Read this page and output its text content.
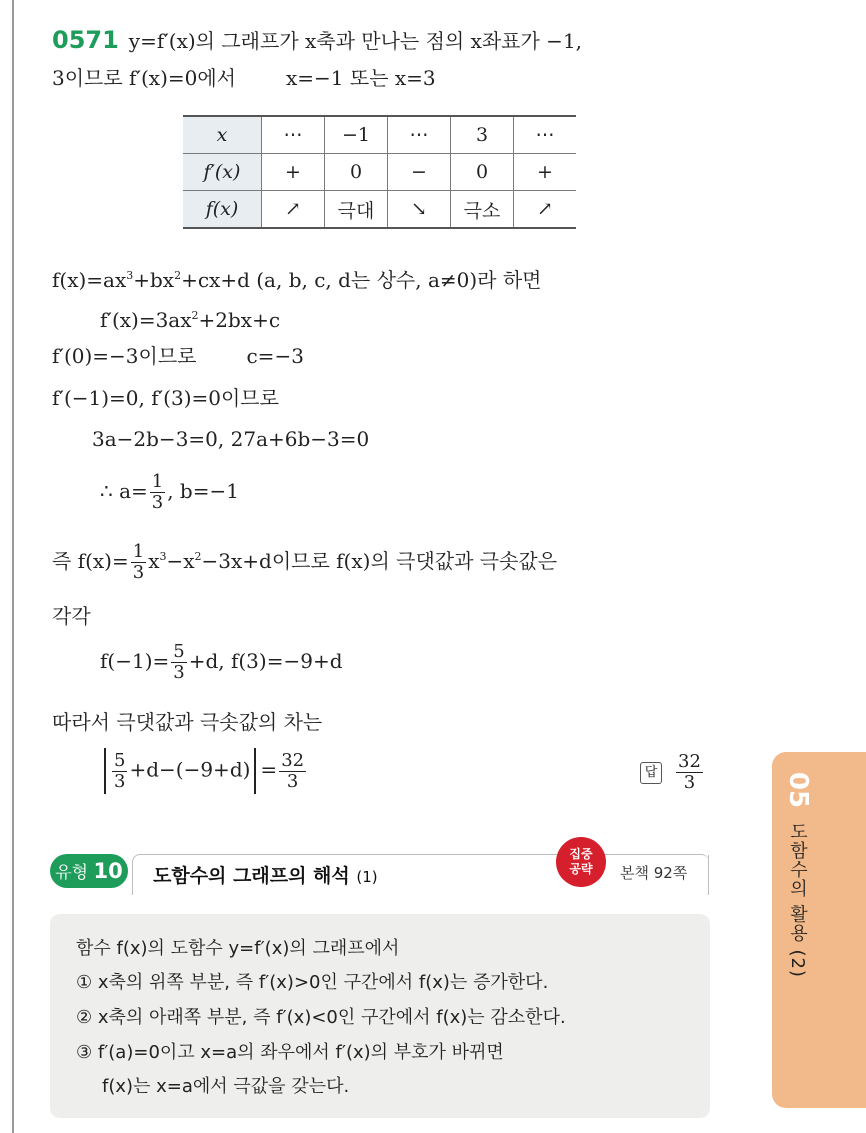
0571 y=f′(x)의 그래프가 x축과 만나는 점의 x좌표가 −1,
3이므로 f′(x)=0에서	x=−1 또는 x=3
x	⋯	−1	⋯	3	⋯
f′(x)	+	0	−	0	+
f(x)	↗	극대	↘	극소	↗
$f(x)=ax^3+bx^2+cx+d$ (a, b, c, d는 상수, a≠0)라 하면
$f'(x)=3ax^2+2bx+c$
f′(0)=−3이므로	c=−3
f′(−1)=0, f′(3)=0이므로
3a−2b−3=0, 27a+6b−3=0
∴ $a= \frac{1}{3}$ , b=−1
즉 $f(x)= \frac{1}{3} x^3-x^2-3x+d$이므로 f(x)의 극댓값과 극솟값은
각각
$f(-1)= \frac{5}{3} +d$, f(3)=−9+d
따라서 극댓값과 극솟값의 차는
$\frac{5}{3} +d-(-9+d) = \frac{32}{3}$	답 $\frac{32}{3}$
유형 10 도함수의 그래프의 해석 (1)
집중
공략	본책 92쪽
함수 f(x)의 도함수 y=f′(x)의 그래프에서
① x축의 위쪽 부분, 즉 f′(x)>0인 구간에서 f(x)는 증가한다.
② x축의 아래쪽 부분, 즉 f′(x)<0인 구간에서 f(x)는 감소한다.
③ f′(a)=0이고 x=a의 좌우에서 f′(x)의 부호가 바뀌면
f(x)는 x=a에서 극값을 갖는다.
05
도함수의 활용 (2)
